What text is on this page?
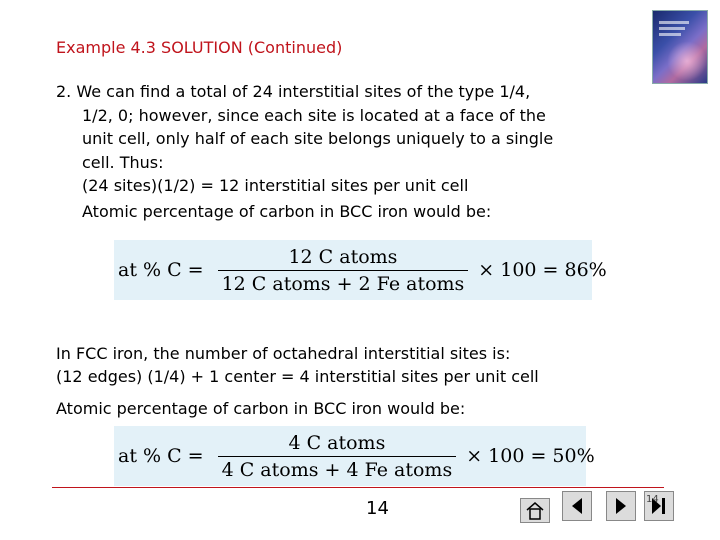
Example 4.3 SOLUTION (Continued)
2. We can find a total of 24 interstitial sites of the type 1/4,
1/2, 0; however, since each site is located at a face of the
unit cell, only half of each site belongs uniquely to a single
cell. Thus:
(24 sites)(1/2) = 12 interstitial sites per unit cell
Atomic percentage of carbon in BCC iron would be:
at % $C = \frac{\text{12 C atoms}}{\text{12 C atoms + 2 Fe atoms}} \times 100 = 86\%$
In FCC iron, the number of octahedral interstitial sites is:
(12 edges) (1/4) + 1 center = 4 interstitial sites per unit cell
Atomic percentage of carbon in BCC iron would be:
at % $C = \frac{\text{4 C atoms}}{\text{4 C atoms + 4 Fe atoms}} \times 100 = 50\%$
14	14
